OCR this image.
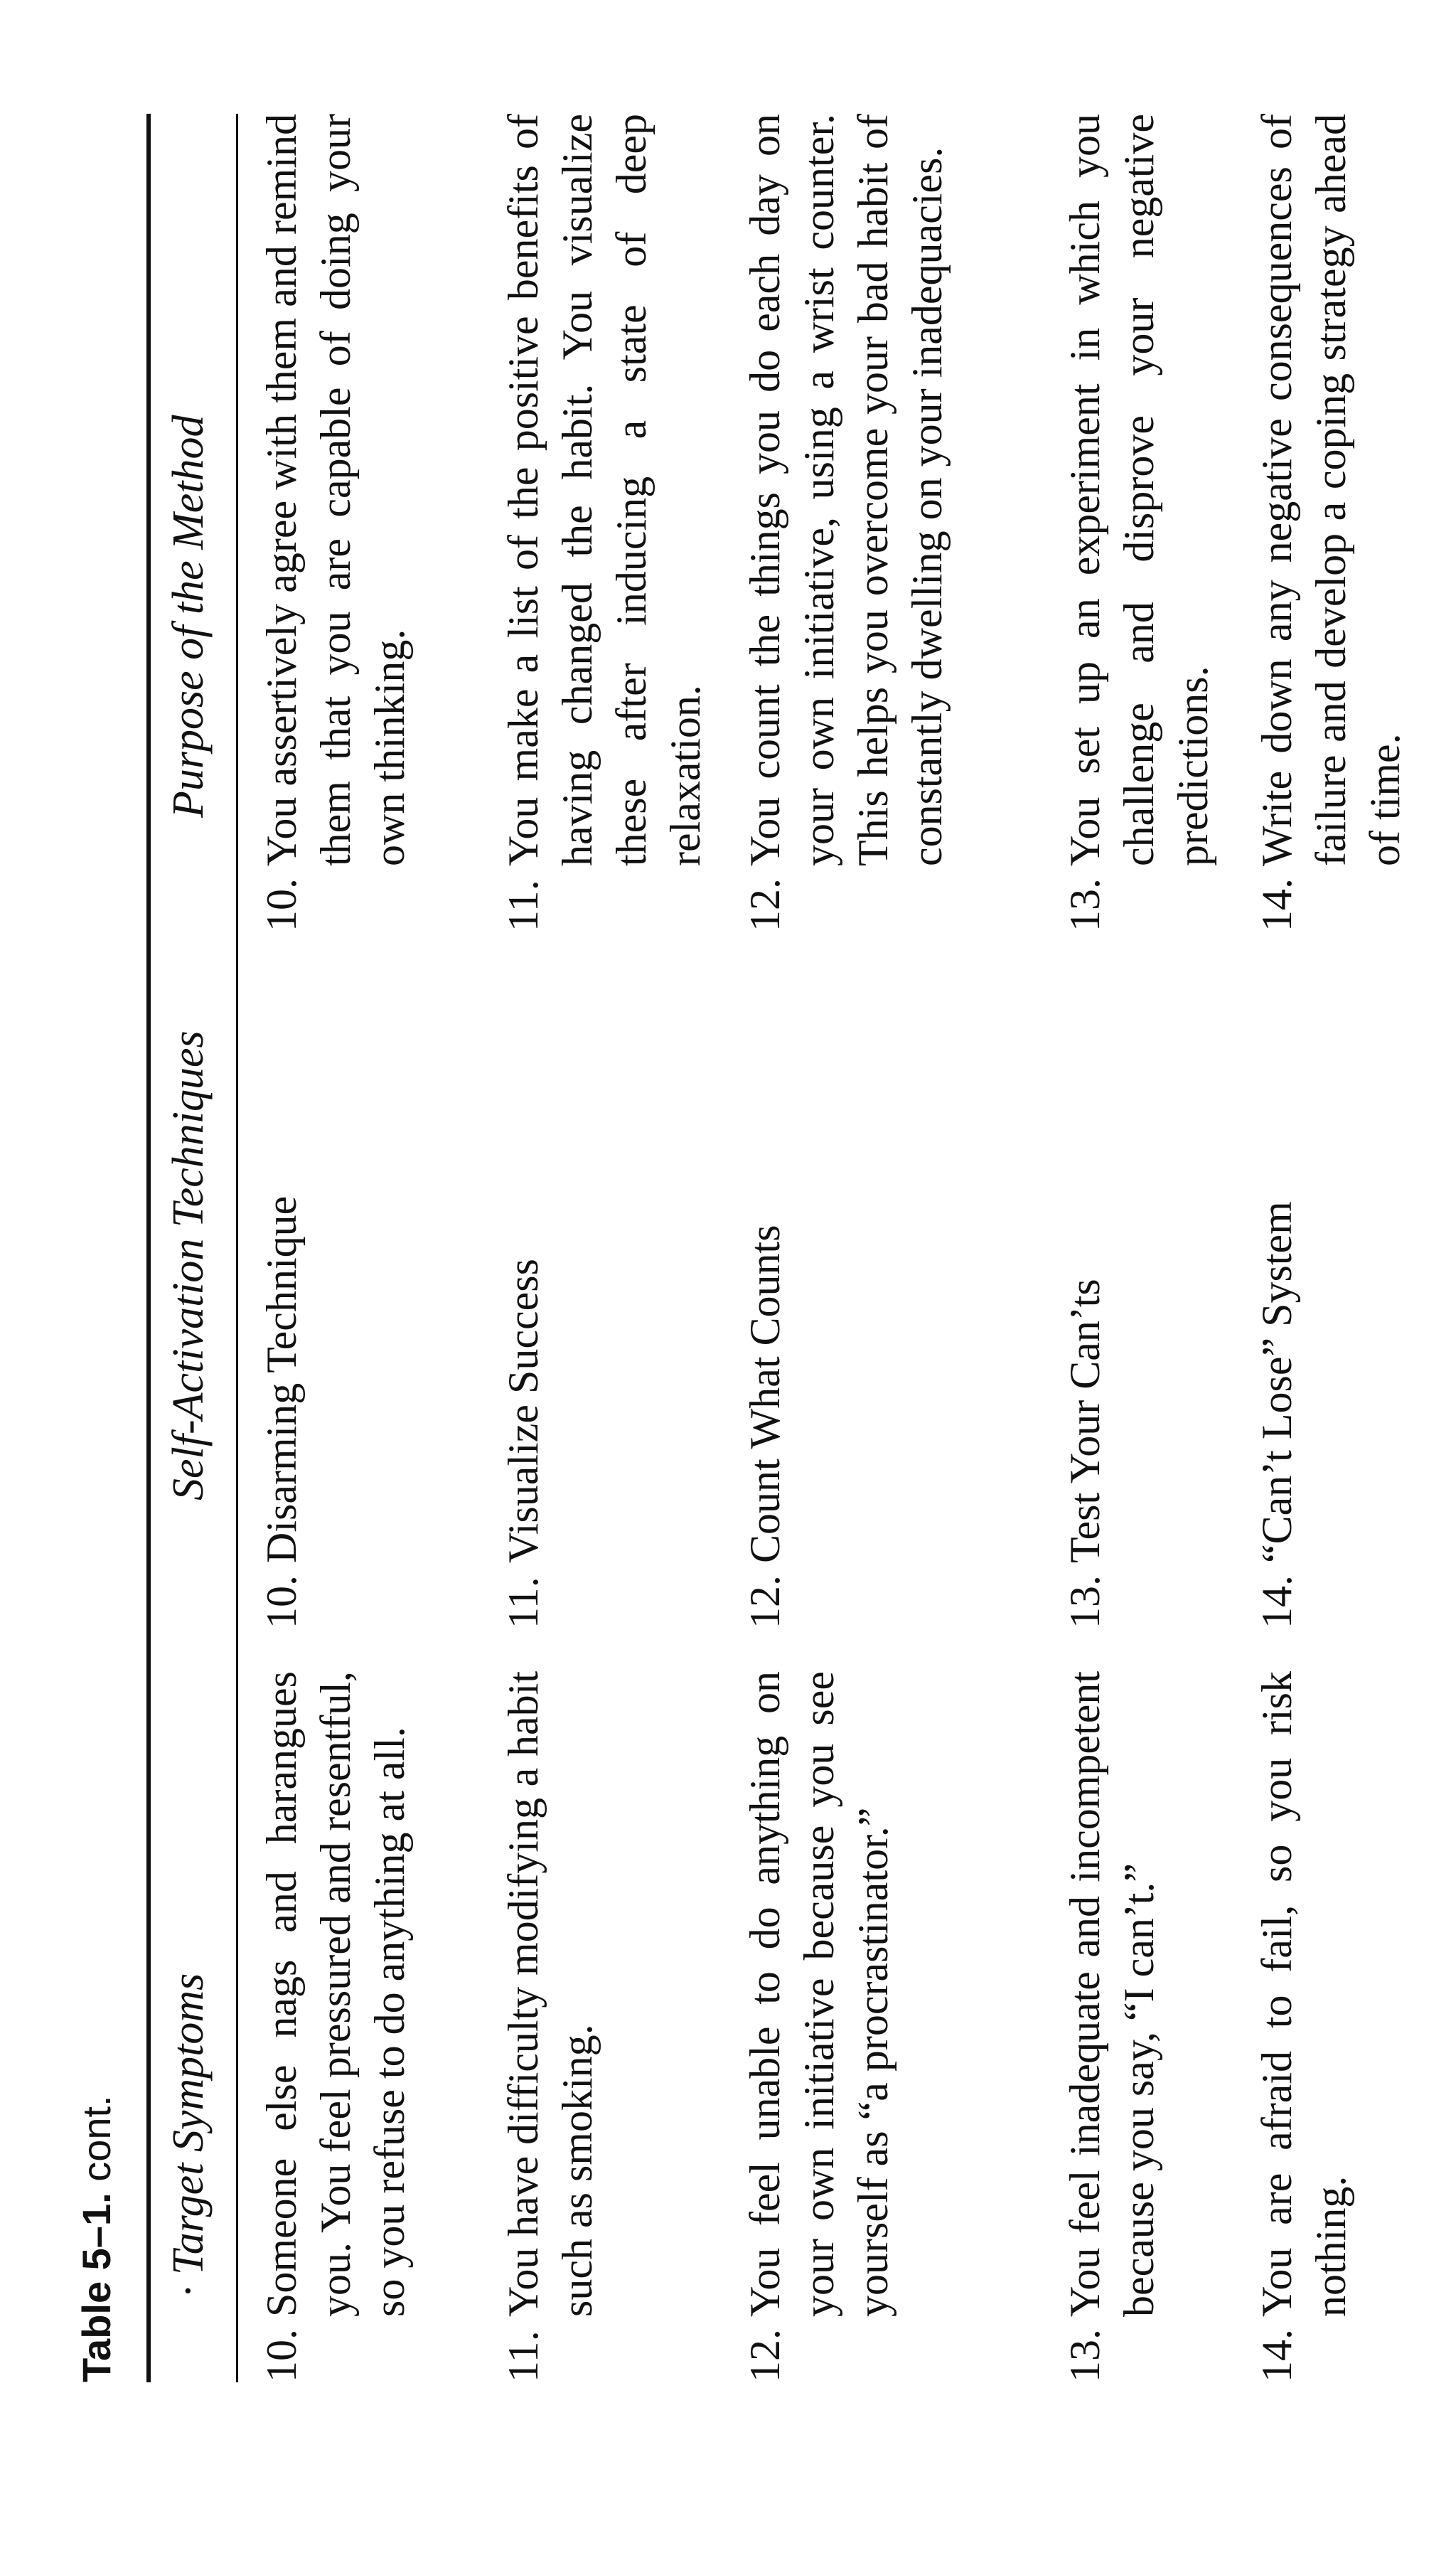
Table 5–1. cont. · Target Symptoms
Self-Activation Techniques
Purpose of the Method
10.
Someone else nags and harangues you. You feel pressured and resentful, so you refuse to do anything at all.
10.
Disarming Technique
10.
You assertively agree with them and remind them that you are capable of doing your own thinking.
11.
You have difficulty modifying a habit such as smoking.
11.
Visualize Success
11.
You make a list of the positive benefits of having changed the habit. You visualize these after inducing a state of deep relaxation.
12.
You feel unable to do anything on your own initiative because you see yourself as “a procrastinator.”
12.
Count What Counts
12.
You count the things you do each day on your own initiative, using a wrist counter. This helps you overcome your bad habit of constantly dwelling on your inadequacies.
13.
You feel inadequate and incompetent because you say, “I can’t.”
13.
Test Your Can’ts
13.
You set up an experiment in which you challenge and disprove your negative predictions.
14.
You are afraid to fail, so you risk nothing.
14.
“Can’t Lose” System
14.
Write down any negative consequences of failure and develop a coping strategy ahead of time.
